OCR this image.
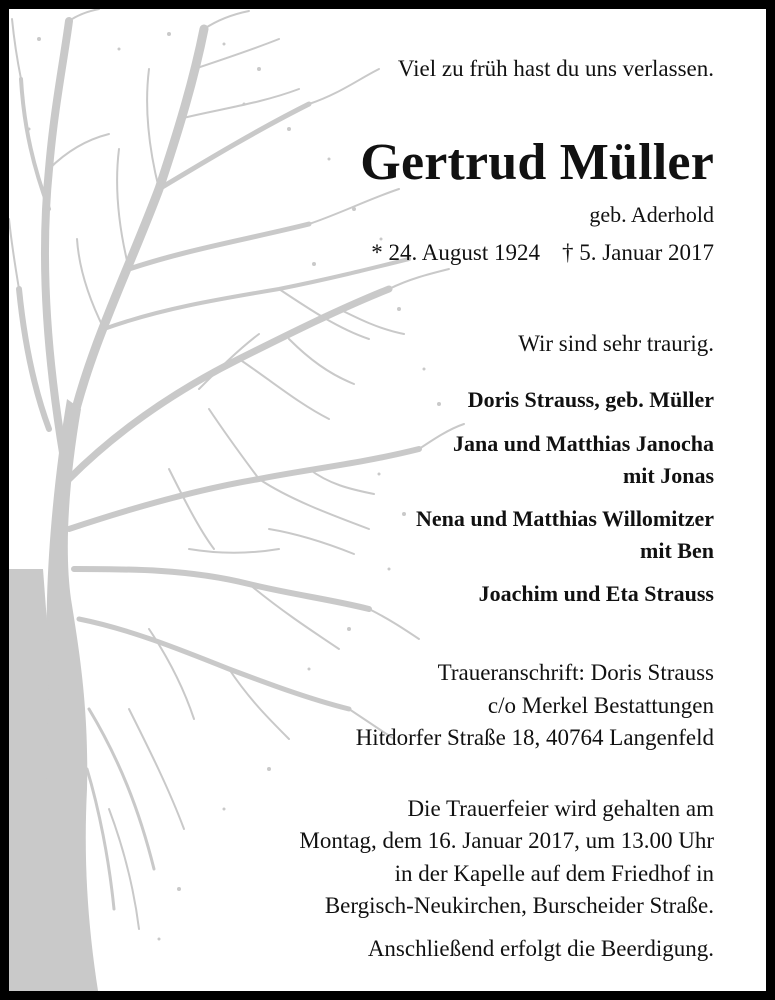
Viel zu früh hast du uns verlassen.
Gertrud Müller
geb. Aderhold
* 24. August 1924 † 5. Januar 2017
Wir sind sehr traurig.
Doris Strauss, geb. Müller
Jana und Matthias Janocha
mit Jonas
Nena und Matthias Willomitzer
mit Ben
Joachim und Eta Strauss
Traueranschrift: Doris Strauss
c/o Merkel Bestattungen
Hitdorfer Straße 18, 40764 Langenfeld
Die Trauerfeier wird gehalten am
Montag, dem 16. Januar 2017, um 13.00 Uhr
in der Kapelle auf dem Friedhof in
Bergisch-Neukirchen, Burscheider Straße.
Anschließend erfolgt die Beerdigung.
